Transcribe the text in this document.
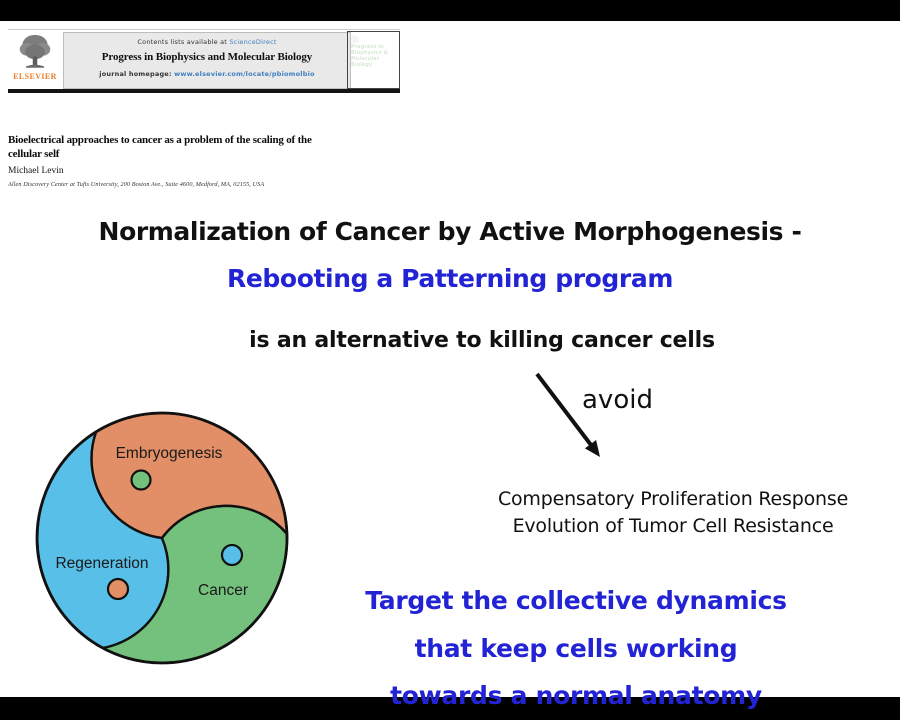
ELSEVIER
Contents lists available at ScienceDirect
Progress in Biophysics and Molecular Biology
journal homepage: www.elsevier.com/locate/pbiomolbio
Progress in Biophysics & Molecular Biology
Bioelectrical approaches to cancer as a problem of the scaling of the
cellular self
Michael Levin
Allen Discovery Center at Tufts University, 200 Boston Ave., Suite 4600, Medford, MA, 02155, USA
Normalization of Cancer by Active Morphogenesis -
Rebooting a Patterning program
is an alternative to killing cancer cells
avoid
Compensatory Proliferation Response
Evolution of Tumor Cell Resistance
Target the collective dynamics
that keep cells working
towards a normal anatomy
Embryogenesis
Regeneration
Cancer
